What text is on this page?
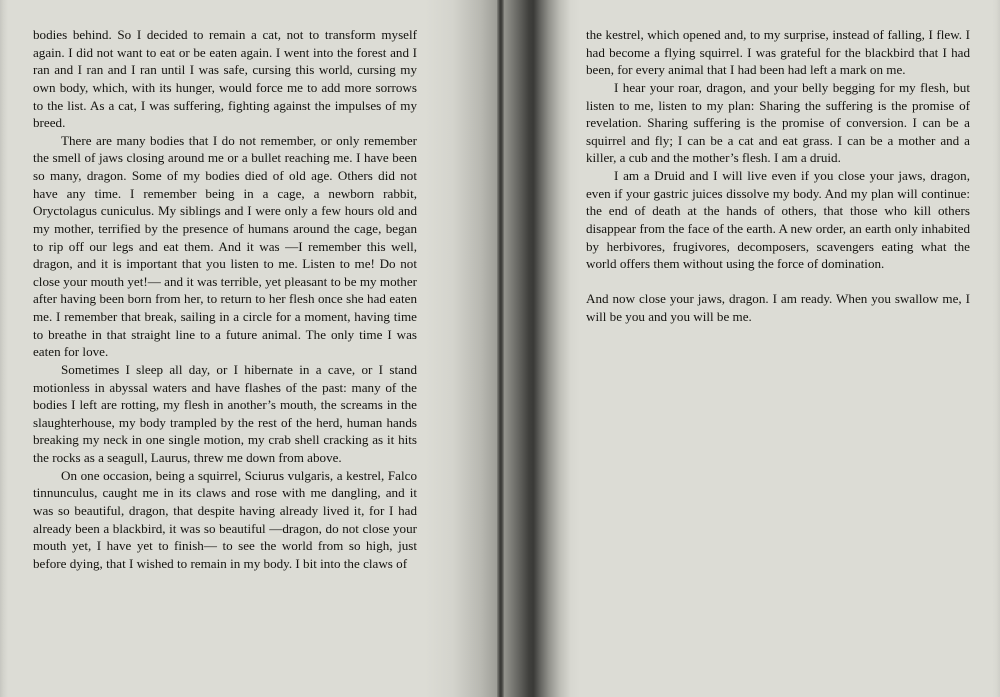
bodies behind. So I decided to remain a cat, not to transform myself again. I did not want to eat or be eaten again. I went into the forest and I ran and I ran and I ran until I was safe, cursing this world, cursing my own body, which, with its hunger, would force me to add more sorrows to the list. As a cat, I was suffering, fighting against the impulses of my breed.

There are many bodies that I do not remember, or only remember the smell of jaws closing around me or a bullet reaching me. I have been so many, dragon. Some of my bodies died of old age. Others did not have any time. I remember being in a cage, a newborn rabbit, Oryctolagus cuniculus. My siblings and I were only a few hours old and my mother, terrified by the presence of humans around the cage, began to rip off our legs and eat them. And it was —I remember this well, dragon, and it is important that you listen to me. Listen to me! Do not close your mouth yet!— and it was terrible, yet pleasant to be my mother after having been born from her, to return to her flesh once she had eaten me. I remember that break, sailing in a circle for a moment, having time to breathe in that straight line to a future animal. The only time I was eaten for love.

Sometimes I sleep all day, or I hibernate in a cave, or I stand motionless in abyssal waters and have flashes of the past: many of the bodies I left are rotting, my flesh in another’s mouth, the screams in the slaughterhouse, my body trampled by the rest of the herd, human hands breaking my neck in one single motion, my crab shell cracking as it hits the rocks as a seagull, Laurus, threw me down from above.

On one occasion, being a squirrel, Sciurus vulgaris, a kestrel, Falco tinnunculus, caught me in its claws and rose with me dangling, and it was so beautiful, dragon, that despite having already lived it, for I had already been a blackbird, it was so beautiful —dragon, do not close your mouth yet, I have yet to finish— to see the world from so high, just before dying, that I wished to remain in my body. I bit into the claws of

the kestrel, which opened and, to my surprise, instead of falling, I flew. I had become a flying squirrel. I was grateful for the blackbird that I had been, for every animal that I had been had left a mark on me.

I hear your roar, dragon, and your belly begging for my flesh, but listen to me, listen to my plan: Sharing the suffering is the promise of revelation. Sharing suffering is the promise of conversion. I can be a squirrel and fly; I can be a cat and eat grass. I can be a mother and a killer, a cub and the mother’s flesh. I am a druid.

I am a Druid and I will live even if you close your jaws, dragon, even if your gastric juices dissolve my body. And my plan will continue: the end of death at the hands of others, that those who kill others disappear from the face of the earth. A new order, an earth only inhabited by herbivores, frugivores, decomposers, scavengers eating what the world offers them without using the force of domination.

And now close your jaws, dragon. I am ready. When you swallow me, I will be you and you will be me.
